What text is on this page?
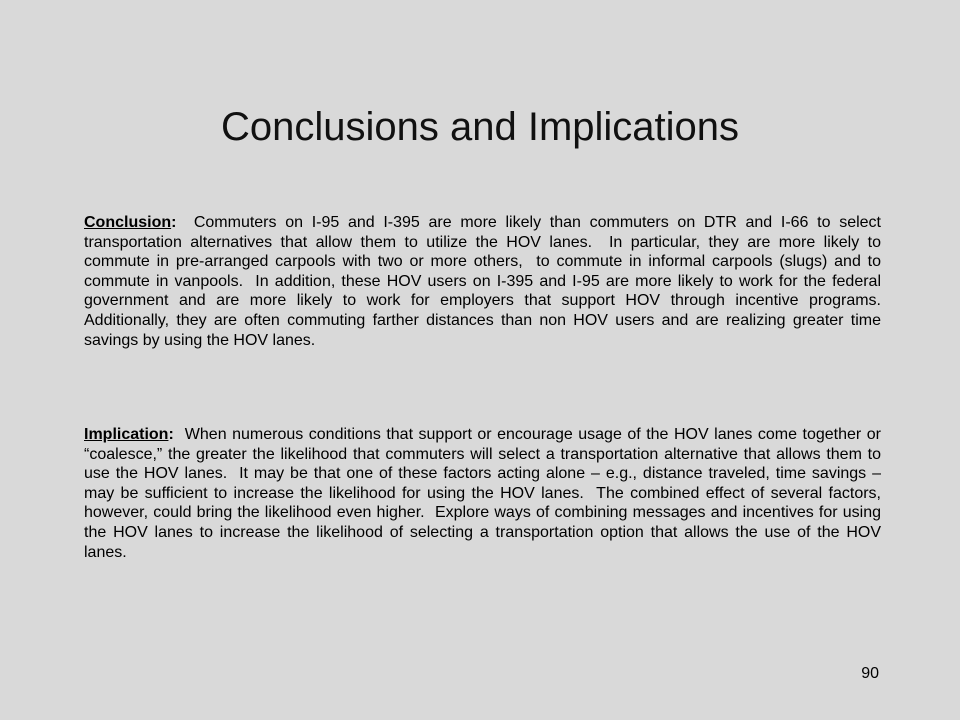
Conclusions and Implications

Conclusion:  Commuters on I-95 and I-395 are more likely than commuters on DTR and I-66 to select transportation alternatives that allow them to utilize the HOV lanes.  In particular, they are more likely to commute in pre-arranged carpools with two or more others,  to commute in informal carpools (slugs) and to commute in vanpools.  In addition, these HOV users on I-395 and I-95 are more likely to work for the federal government and are more likely to work for employers that support HOV through incentive programs.  Additionally, they are often commuting farther distances than non HOV users and are realizing greater time savings by using the HOV lanes.

Implication:  When numerous conditions that support or encourage usage of the HOV lanes come together or “coalesce,” the greater the likelihood that commuters will select a transportation alternative that allows them to use the HOV lanes.  It may be that one of these factors acting alone – e.g., distance traveled, time savings – may be sufficient to increase the likelihood for using the HOV lanes.  The combined effect of several factors, however, could bring the likelihood even higher.  Explore ways of combining messages and incentives for using the HOV lanes to increase the likelihood of selecting a transportation option that allows the use of the HOV lanes.

90
